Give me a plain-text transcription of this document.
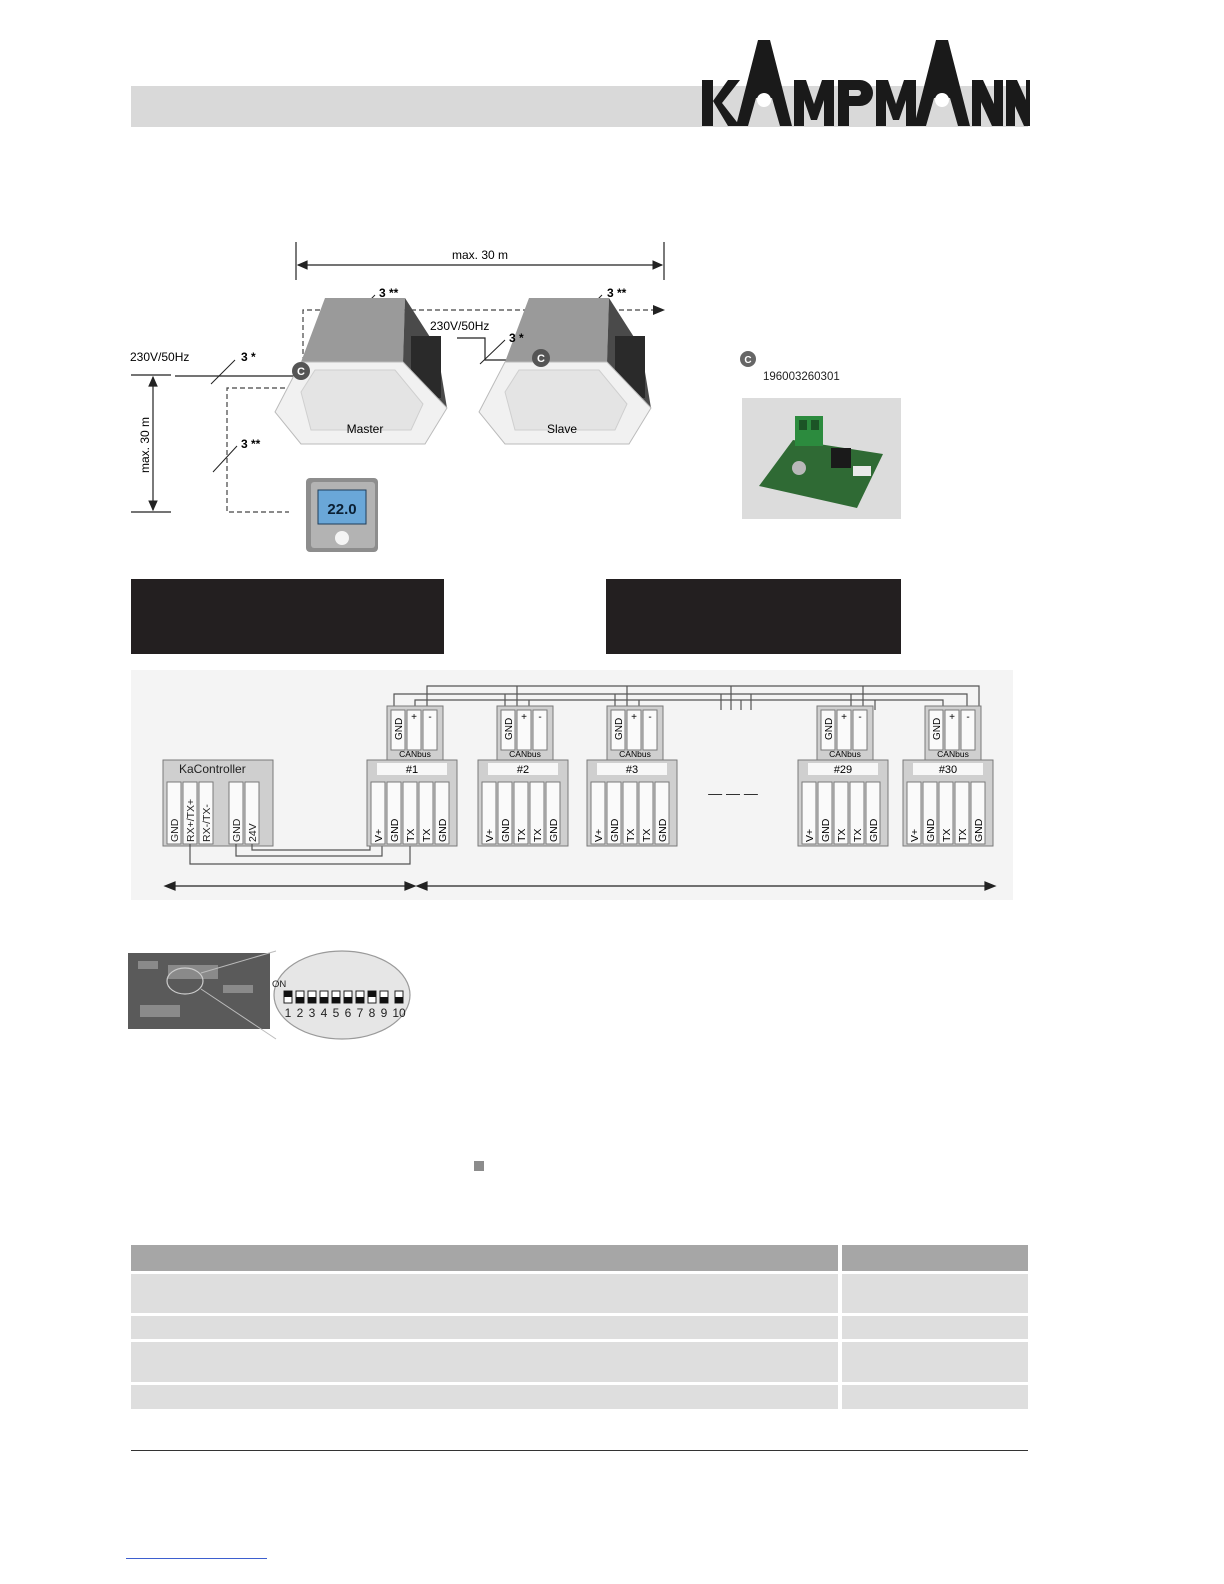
C
C
22.0
max. 30 m
3 **	3 **
230V/50Hz
3 *
230V/50Hz	3 *
3 **
max. 30 m	Master	Slave
C
196003260301
KaController
GND RX+/TX+ RX-/TX- GND 24V
GND
+ -
CANbus
#1
V+ GND TX TX GND
GND
+ -
CANbus
#2
V+ GND TX TX GND
GND
+ -
CANbus
#3
V+ GND TX TX GND
— — —
GND
+ -
CANbus
#29
V+ GND TX TX GND
GND
+ -
CANbus
#30
V+ GND TX TX GND
ON
1 2 3 4 5 6 7 8 9 10
